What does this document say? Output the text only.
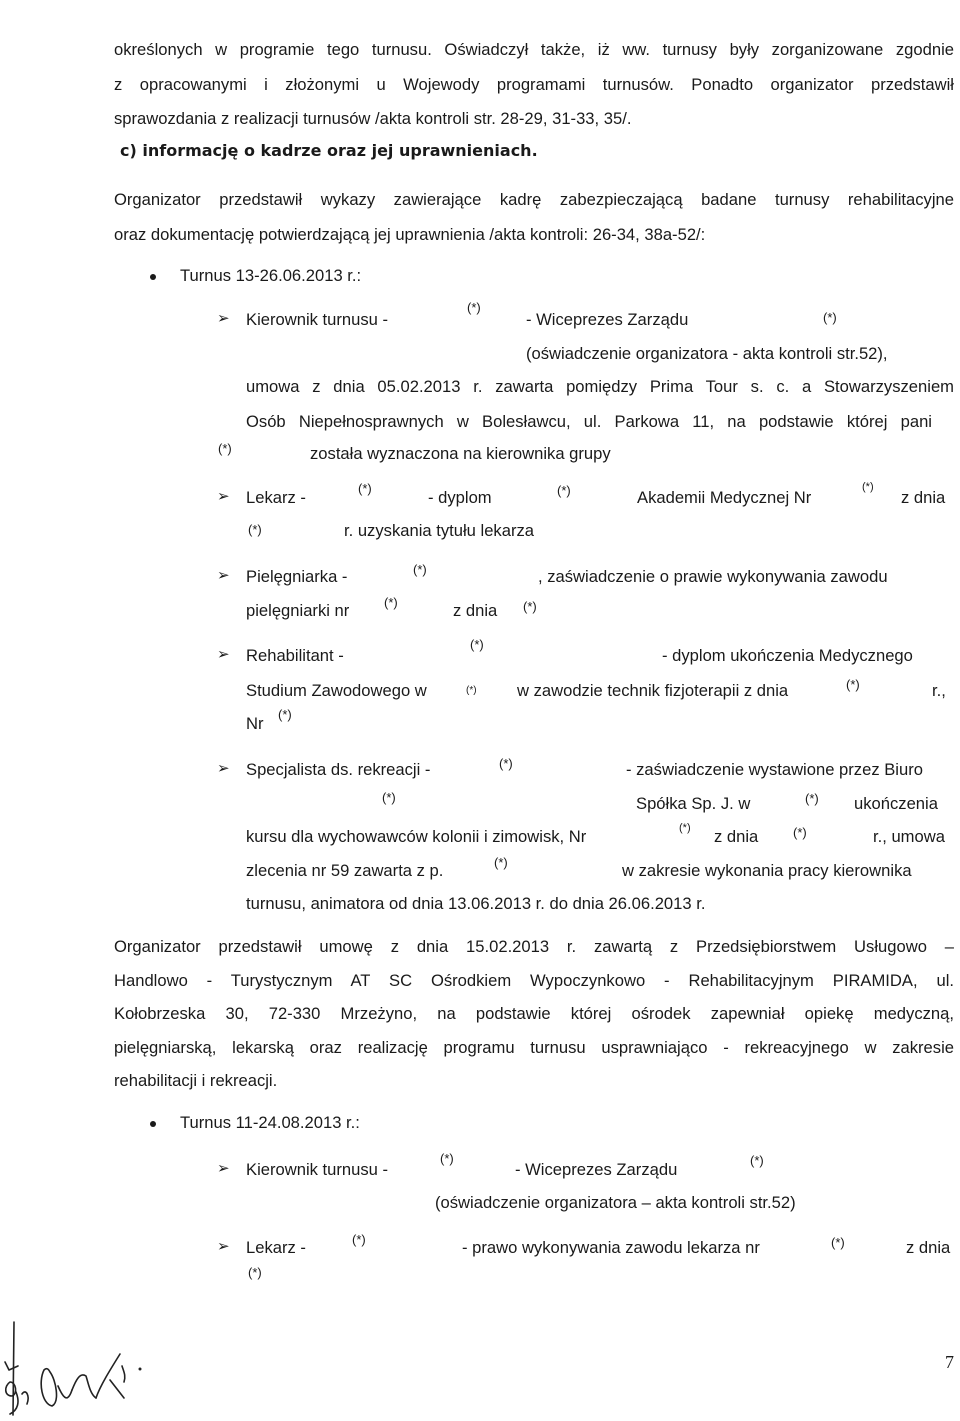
określonych w programie tego turnusu. Oświadczył także, iż ww. turnusy były zorganizowane zgodnie
z opracowanymi i złożonymi u Wojewody programami turnusów. Ponadto organizator przedstawił
sprawozdania z realizacji turnusów /akta kontroli str. 28-29, 31-33, 35/.
c) informację o kadrze oraz jej uprawnieniach.
Organizator przedstawił wykazy zawierające kadrę zabezpieczającą badane turnusy rehabilitacyjne
oraz dokumentację potwierdzającą jej uprawnienia /akta kontroli: 26-34, 38a-52/:
Turnus 13-26.06.2013 r.:
➢ Kierownik turnusu -
(*)
- Wiceprezes Zarządu	(*)
(oświadczenie organizatora - akta kontroli str.52),
umowa z dnia 05.02.2013 r. zawarta pomiędzy Prima Tour s. c. a Stowarzyszeniem
Osób Niepełnosprawnych w Bolesławcu, ul. Parkowa 11, na podstawie której pani
(*)	została wyznaczona na kierownika grupy
➢ Lekarz -	(*)	- dyplom	(*)	Akademii Medycznej Nr
(*)
z dnia
(*)	r. uzyskania tytułu lekarza
➢ Pielęgniarka -	(*)	, zaświadczenie o prawie wykonywania zawodu
pielęgniarki nr	(*)	z dnia (*)
➢ Rehabilitant -
(*)
- dyplom ukończenia Medycznego
Studium Zawodowego w	(*) w zawodzie technik fizjoterapii z dnia	(*)	r.,
Nr (*)
➢ Specjalista ds. rekreacji -	(*)	- zaświadczenie wystawione przez Biuro
(*)	Spółka Sp. J. w	(*) ukończenia
kursu dla wychowawców kolonii i zimowisk, Nr	(*) z dnia	(*)	r., umowa
zlecenia nr 59 zawarta z p.	(*)	w zakresie wykonania pracy kierownika
turnusu, animatora od dnia 13.06.2013 r. do dnia 26.06.2013 r.
Organizator przedstawił umowę z dnia 15.02.2013 r. zawartą z Przedsiębiorstwem Usługowo –
Handlowo - Turystycznym AT SC Ośrodkiem Wypoczynkowo - Rehabilitacyjnym PIRAMIDA, ul.
Kołobrzeska 30, 72-330 Mrzeżyno, na podstawie której ośrodek zapewniał opiekę medyczną,
pielęgniarską, lekarską oraz realizację programu turnusu usprawniająco - rekreacyjnego w zakresie
rehabilitacji i rekreacji.
Turnus 11-24.08.2013 r.:
➢ Kierownik turnusu -
(*)
- Wiceprezes Zarządu	(*)
(oświadczenie organizatora – akta kontroli str.52)
➢ Lekarz -	(*)	- prawo wykonywania zawodu lekarza nr	(*)	z dnia
(*)
7
